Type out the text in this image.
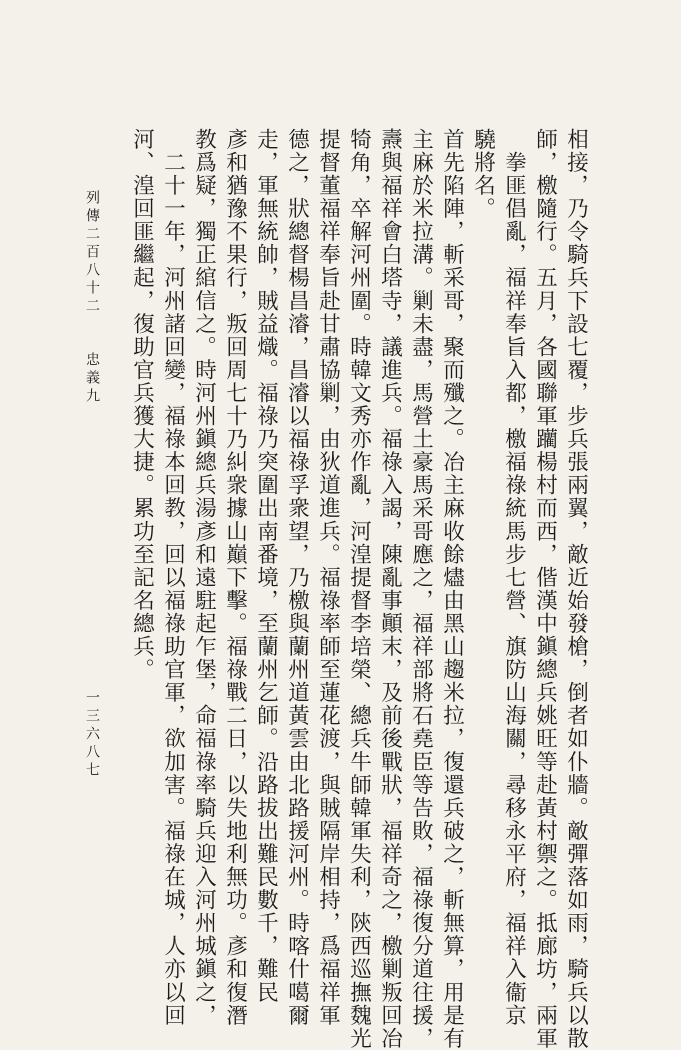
河、湟回匪繼起，復助官兵獲大捷。累功至記名總兵。 　二十一年，河州諸回變，福祿本回教，回以福祿助官軍，欲加害。福祿在城，人亦以回 教爲疑，獨正綰信之。時河州鎭總兵湯彥和遠駐起乍堡，命福祿率騎兵迎入河州城鎭之， 彥和猶豫不果行，叛回周七十乃糾衆據山巔下擊。福祿戰二日，以失地利無功。彥和復潛 走，軍無統帥，賊益熾。福祿乃突圍出南番境，至蘭州乞師。沿路拔出難民數千，難民 德之，狀總督楊昌濬，昌濬以福祿孚衆望，乃檄與蘭州道黃雲由北路援河州。時喀什噶爾 提督董福祥奉旨赴甘肅協剿，由狄道進兵。福祿率師至蓮花渡，與賊隔岸相持，爲福祥軍 犄角，卒解河州圍。時韓文秀亦作亂，河湟提督李培榮、總兵牛師韓軍失利，陝西巡撫魏光 燾與福祥會白塔寺，議進兵。福祿入謁，陳亂事顚末，及前後戰狀，福祥奇之，檄剿叛回冶 主麻於米拉溝。剿未盡，馬營土豪馬采哥應之，福祥部將石堯臣等告敗，福祿復分道往援， 首先陷陣，斬采哥，聚而殲之。冶主麻收餘燼由黑山趨米拉，復還兵破之，斬無算，用是有 驍將名。 　拳匪倡亂，福祥奉旨入都，檄福祿統馬步七營、旗防山海關，尋移永平府，福祥入衞京 師，檄隨行。五月，各國聯軍躪楊村而西，偕漢中鎭總兵姚旺等赴黃村禦之。抵廊坊，兩軍 相接，乃令騎兵下設七覆，步兵張兩翼，敵近始發槍，倒者如仆牆。敵彈落如雨，騎兵以散
列傳二百八十二　　忠義九
一三六八七
